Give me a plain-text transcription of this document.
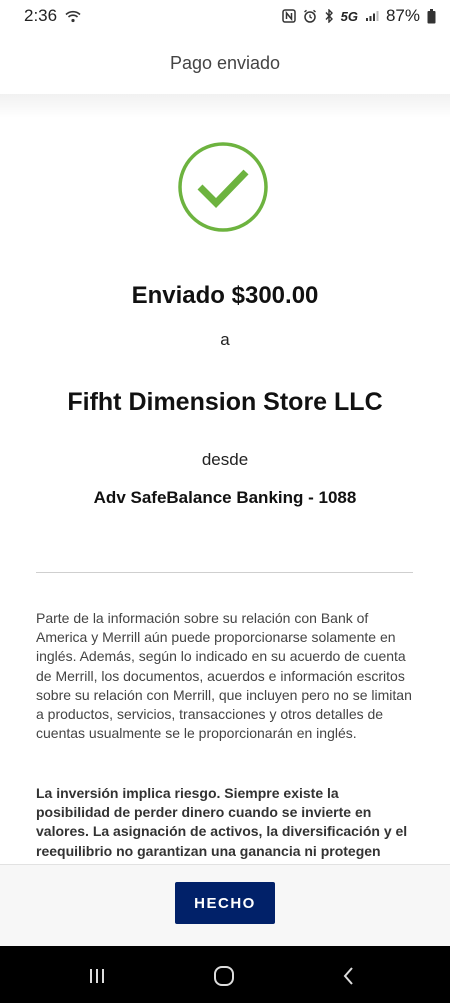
2:36	5G 87%
Pago enviado
Enviado $300.00
a
Fifht Dimension Store LLC
desde
Adv SafeBalance Banking - 1088
Parte de la información sobre su relación con Bank of America y Merrill aún puede proporcionarse solamente en inglés. Además, según lo indicado en su acuerdo de cuenta de Merrill, los documentos, acuerdos e información escritos sobre su relación con Merrill, que incluyen pero no se limitan a productos, servicios, transacciones y otros detalles de cuentas usualmente se le proporcionarán en inglés.
La inversión implica riesgo. Siempre existe la posibilidad de perder dinero cuando se invierte en valores. La asignación de activos, la diversificación y el reequilibrio no garantizan una ganancia ni protegen
HECHO
